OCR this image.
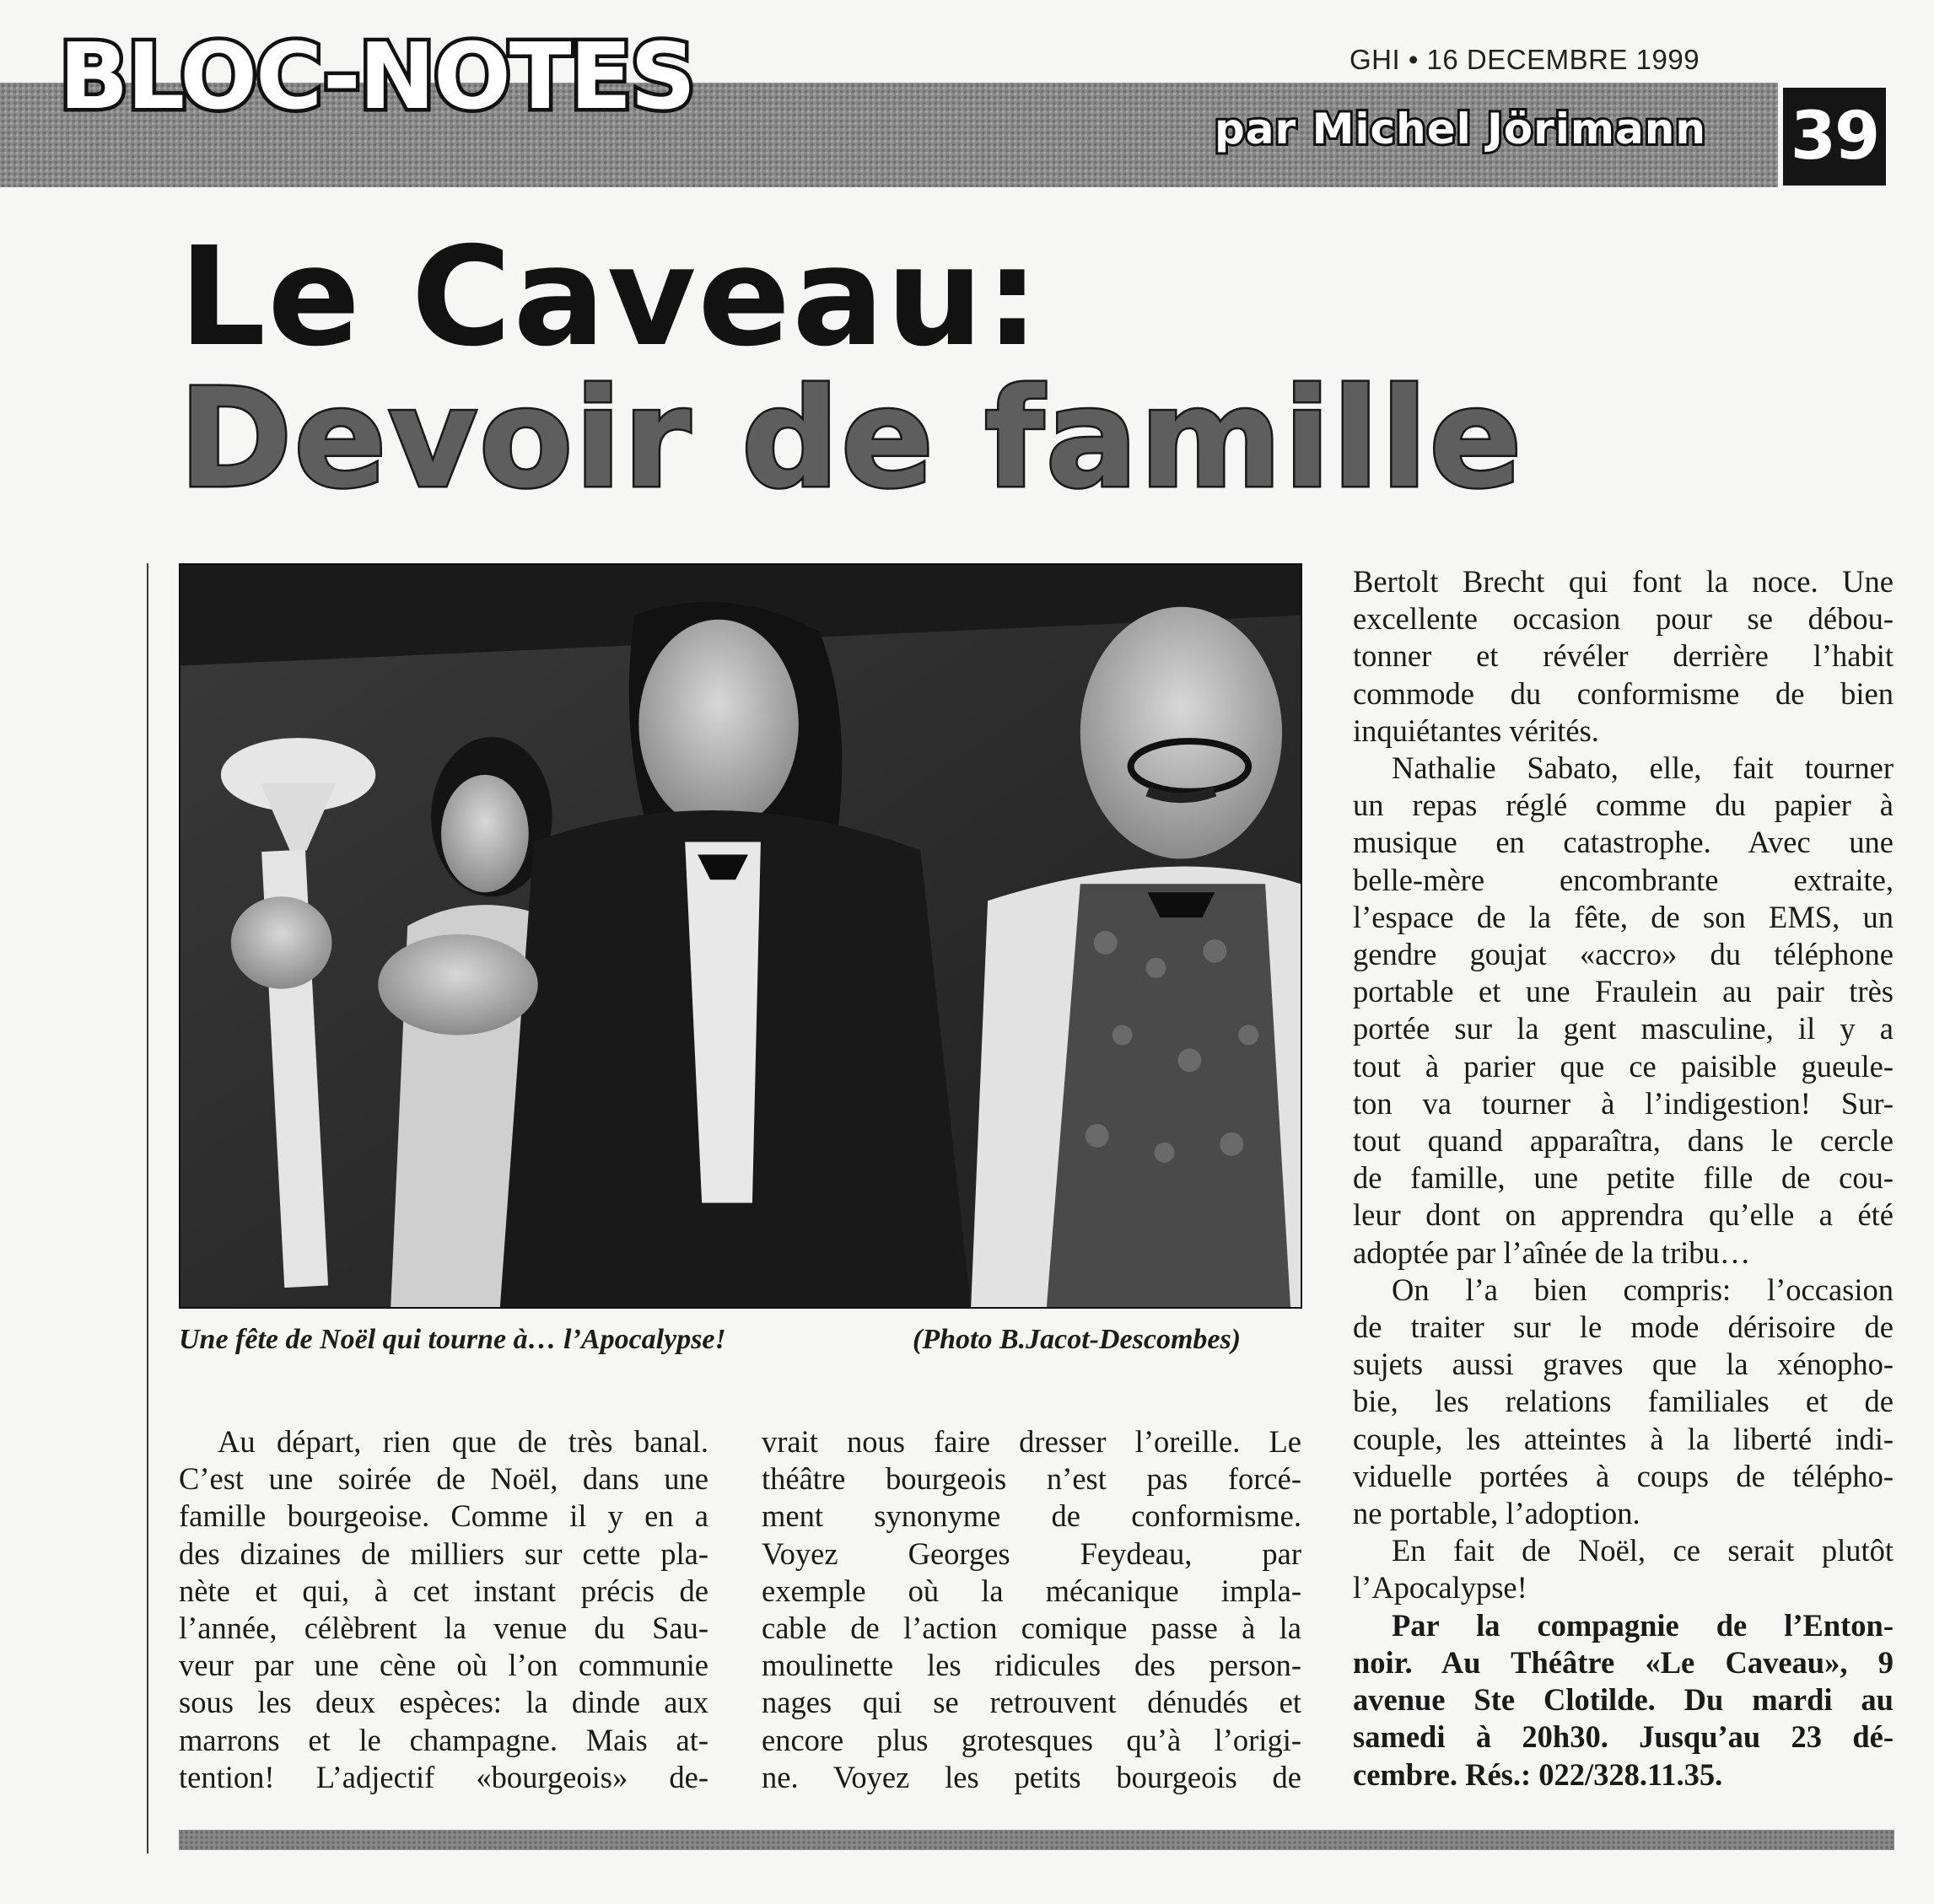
GHI • 16 DECEMBRE 1999
BLOC-NOTES	par Michel Jörimann 39
Le Caveau:
Devoir de famille
Une fête de Noël qui tourne à… l’Apocalypse!	(Photo B.Jacot-Descombes)
Au départ, rien que de très banal.
C’est une soirée de Noël, dans une
famille bourgeoise. Comme il y en a
des dizaines de milliers sur cette pla-
nète et qui, à cet instant précis de
l’année, célèbrent la venue du Sau-
veur par une cène où l’on communie
sous les deux espèces: la dinde aux
marrons et le champagne. Mais at-
tention! L’adjectif «bourgeois» de-
vrait nous faire dresser l’oreille. Le
théâtre bourgeois n’est pas forcé-
ment synonyme de conformisme.
Voyez Georges Feydeau, par
exemple où la mécanique impla-
cable de l’action comique passe à la
moulinette les ridicules des person-
nages qui se retrouvent dénudés et
encore plus grotesques qu’à l’origi-
ne. Voyez les petits bourgeois de
Bertolt Brecht qui font la noce. Une
excellente occasion pour se débou-
tonner et révéler derrière l’habit
commode du conformisme de bien
inquiétantes vérités.
Nathalie Sabato, elle, fait tourner
un repas réglé comme du papier à
musique en catastrophe. Avec une
belle-mère encombrante extraite,
l’espace de la fête, de son EMS, un
gendre goujat «accro» du téléphone
portable et une Fraulein au pair très
portée sur la gent masculine, il y a
tout à parier que ce paisible gueule-
ton va tourner à l’indigestion! Sur-
tout quand apparaîtra, dans le cercle
de famille, une petite fille de cou-
leur dont on apprendra qu’elle a été
adoptée par l’aînée de la tribu…
On l’a bien compris: l’occasion
de traiter sur le mode dérisoire de
sujets aussi graves que la xénopho-
bie, les relations familiales et de
couple, les atteintes à la liberté indi-
viduelle portées à coups de télépho-
ne portable, l’adoption.
En fait de Noël, ce serait plutôt
l’Apocalypse!
Par la compagnie de l’Enton-
noir. Au Théâtre «Le Caveau», 9
avenue Ste Clotilde. Du mardi au
samedi à 20h30. Jusqu’au 23 dé-
cembre. Rés.: 022/328.11.35.
